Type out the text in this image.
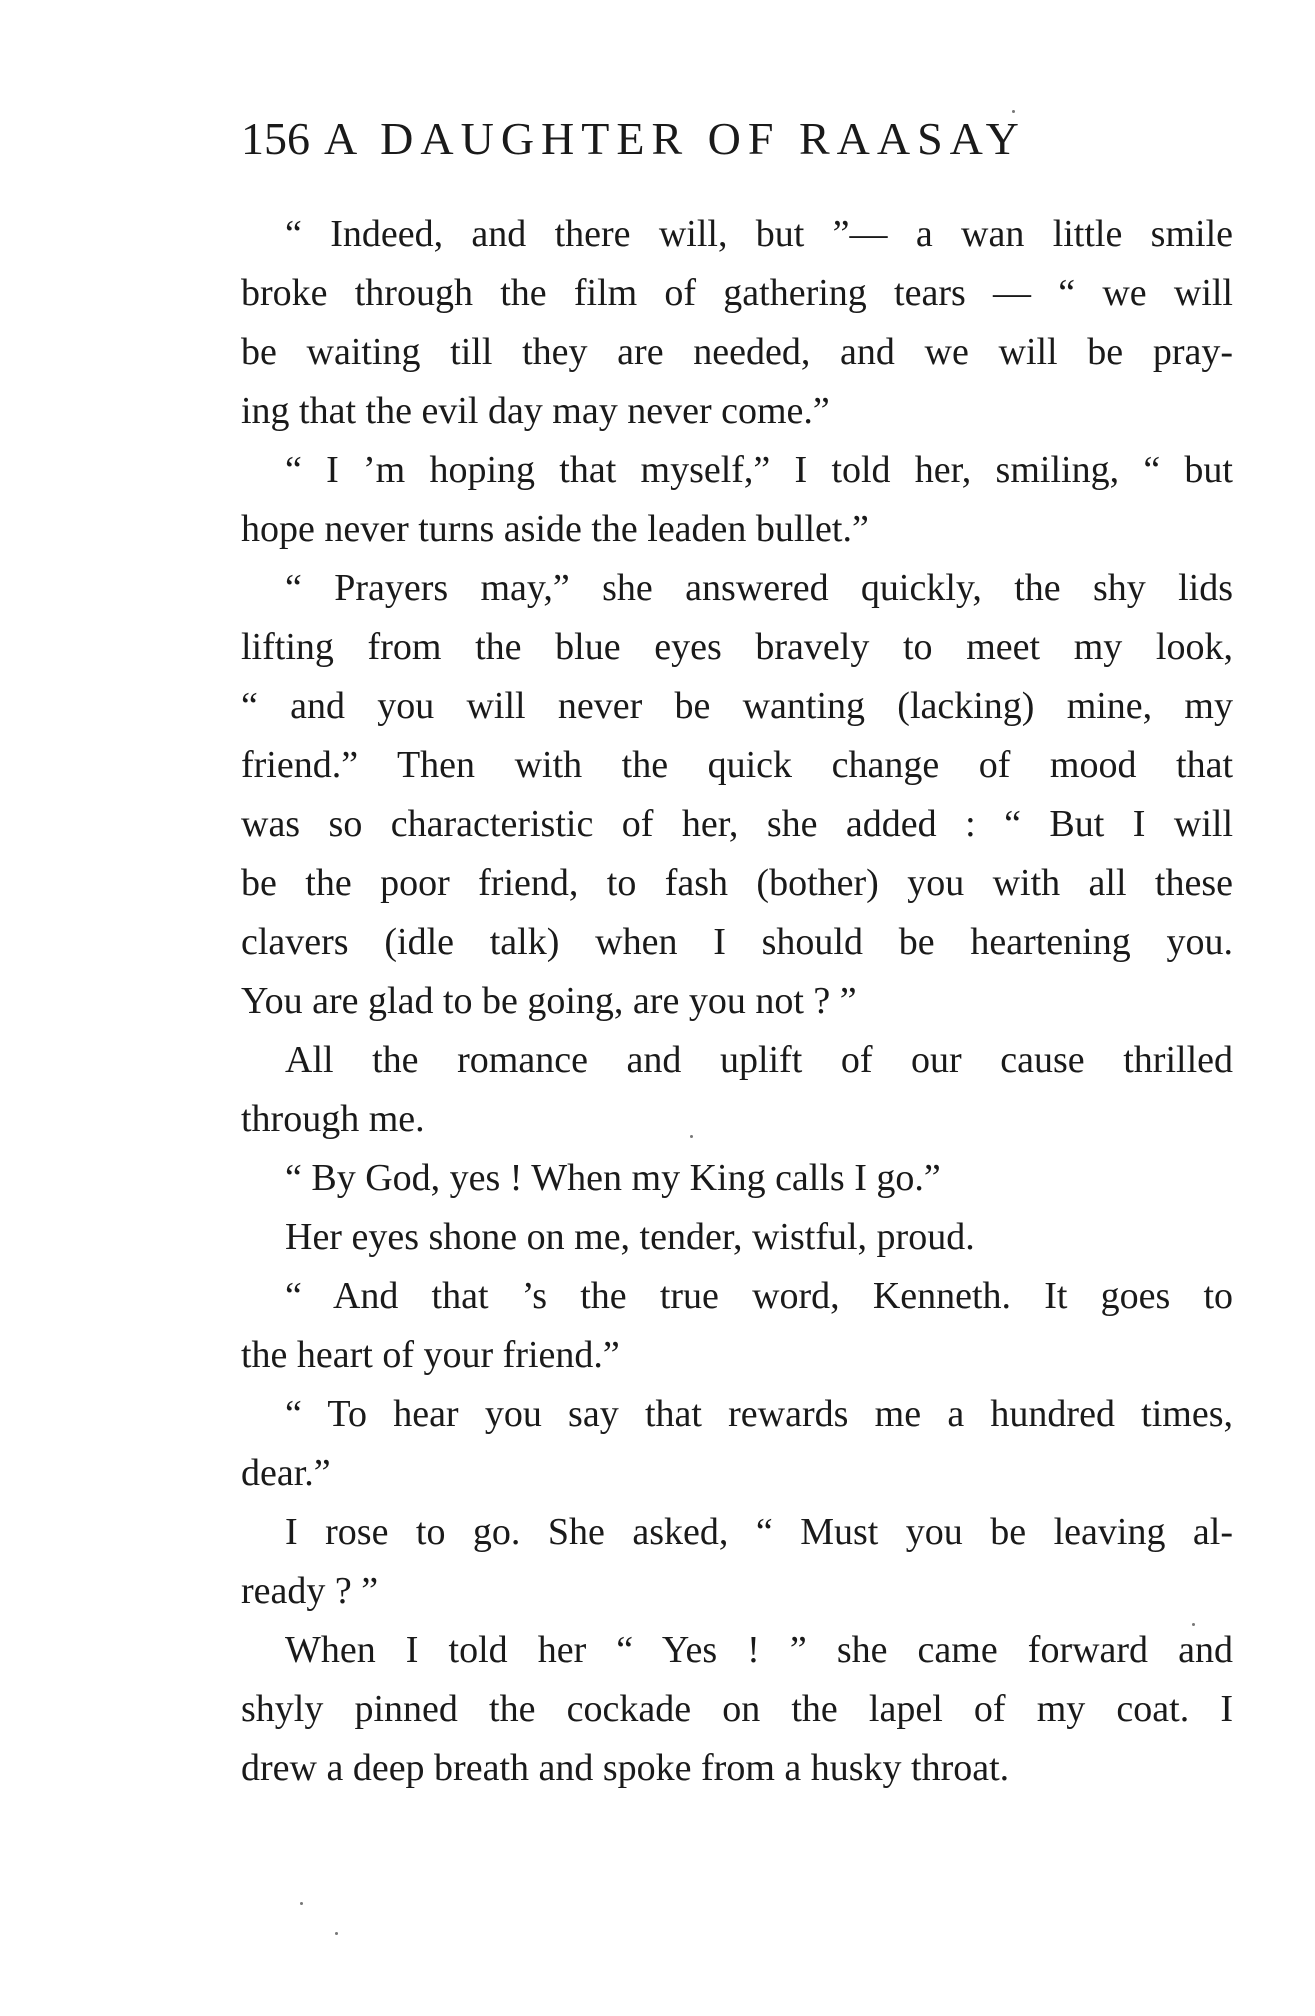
156 A DAUGHTER OF RAASAY
“ Indeed, and there will, but ”— a wan little smile
broke through the film of gathering tears — “ we will
be waiting till they are needed, and we will be pray-
ing that the evil day may never come.”
“ I ’m hoping that myself,” I told her, smiling, “ but
hope never turns aside the leaden bullet.”
“ Prayers may,” she answered quickly, the shy lids
lifting from the blue eyes bravely to meet my look,
“ and you will never be wanting (lacking) mine, my
friend.” Then with the quick change of mood that
was so characteristic of her, she added : “ But I will
be the poor friend, to fash (bother) you with all these
clavers (idle talk) when I should be heartening you.
You are glad to be going, are you not ? ”
All the romance and uplift of our cause thrilled
through me.
“ By God, yes ! When my King calls I go.”
Her eyes shone on me, tender, wistful, proud.
“ And that ’s the true word, Kenneth. It goes to
the heart of your friend.”
“ To hear you say that rewards me a hundred times,
dear.”
I rose to go. She asked, “ Must you be leaving al-
ready ? ”
When I told her “ Yes ! ” she came forward and
shyly pinned the cockade on the lapel of my coat. I
drew a deep breath and spoke from a husky throat.
